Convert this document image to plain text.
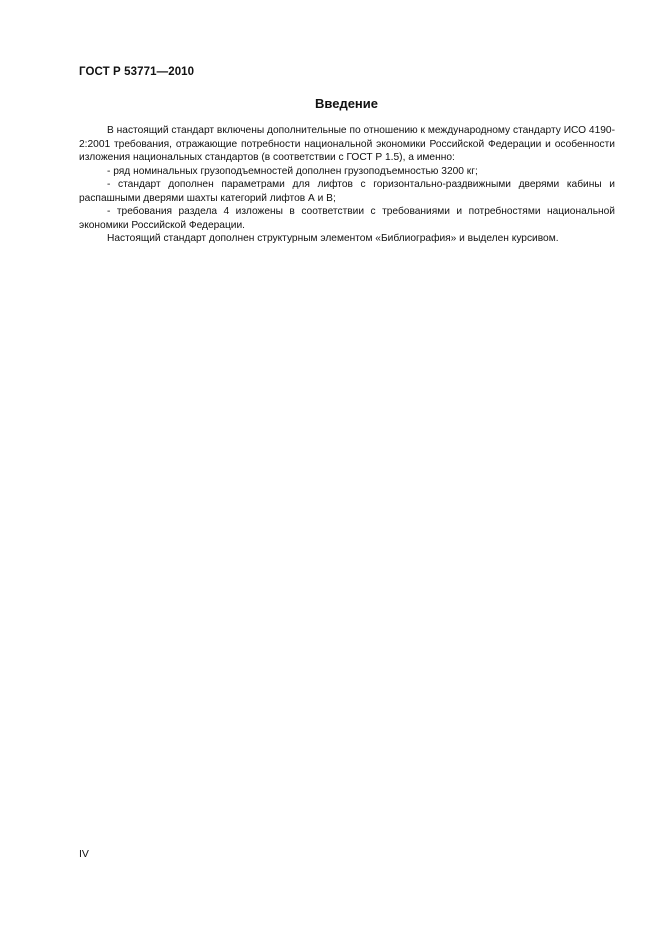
ГОСТ Р 53771—2010
Введение

В настоящий стандарт включены дополнительные по отношению к международному стандарту ИСО 4190-2:2001 требования, отражающие потребности национальной экономики Российской Федерации и особенности изложения национальных стандартов (в соответствии с ГОСТ Р 1.5), а именно:

- ряд номинальных грузоподъемностей дополнен грузоподъемностью 3200 кг;

- стандарт дополнен параметрами для лифтов с горизонтально-раздвижными дверями кабины и распашными дверями шахты категорий лифтов А и В;

- требования раздела 4 изложены в соответствии с требованиями и потребностями национальной экономики Российской Федерации.

Настоящий стандарт дополнен структурным элементом «Библиография» и выделен курсивом.

IV
